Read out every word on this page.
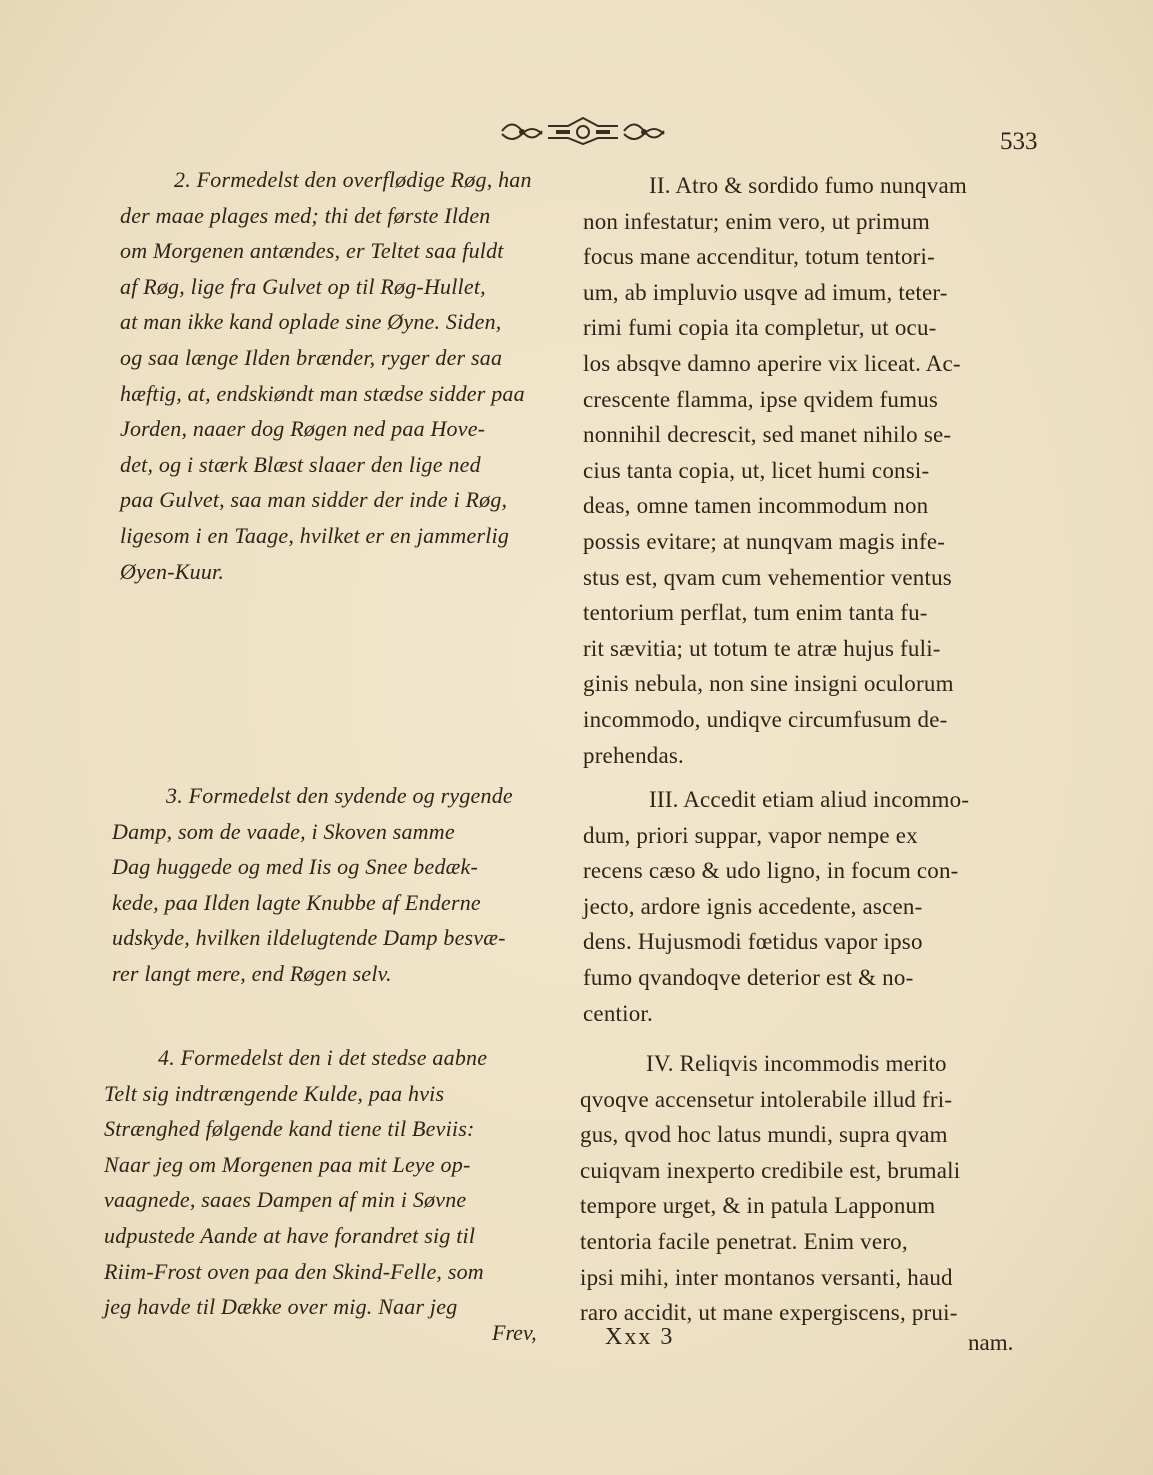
533
2. Formedelst den overflødige Røg, han
der maae plages med; thi det første Ilden
om Morgenen antændes, er Teltet saa fuldt
af Røg, lige fra Gulvet op til Røg-Hullet,
at man ikke kand oplade sine Øyne. Siden,
og saa længe Ilden brænder, ryger der saa
hæftig, at, endskiøndt man stædse sidder paa
Jorden, naaer dog Røgen ned paa Hove-
det, og i stærk Blæst slaaer den lige ned
paa Gulvet, saa man sidder der inde i Røg,
ligesom i en Taage, hvilket er en jammerlig
Øyen-Kuur.
3. Formedelst den sydende og rygende
Damp, som de vaade, i Skoven samme
Dag huggede og med Iis og Snee bedæk-
kede, paa Ilden lagte Knubbe af Enderne
udskyde, hvilken ildelugtende Damp besvæ-
rer langt mere, end Røgen selv.
4. Formedelst den i det stedse aabne
Telt sig indtrængende Kulde, paa hvis
Strænghed følgende kand tiene til Beviis:
Naar jeg om Morgenen paa mit Leye op-
vaagnede, saaes Dampen af min i Søvne
udpustede Aande at have forandret sig til
Riim-Frost oven paa den Skind-Felle, som
jeg havde til Dække over mig. Naar jeg
II. Atro & sordido fumo nunqvam
non infestatur; enim vero, ut primum
focus mane accenditur, totum tentori-
um, ab impluvio usqve ad imum, teter-
rimi fumi copia ita completur, ut ocu-
los absqve damno aperire vix liceat. Ac-
crescente flamma, ipse qvidem fumus
nonnihil decrescit, sed manet nihilo se-
cius tanta copia, ut, licet humi consi-
deas, omne tamen incommodum non
possis evitare; at nunqvam magis infe-
stus est, qvam cum vehementior ventus
tentorium perflat, tum enim tanta fu-
rit sævitia; ut totum te atræ hujus fuli-
ginis nebula, non sine insigni oculorum
incommodo, undiqve circumfusum de-
prehendas.
III. Accedit etiam aliud incommo-
dum, priori suppar, vapor nempe ex
recens cæso & udo ligno, in focum con-
jecto, ardore ignis accedente, ascen-
dens. Hujusmodi fœtidus vapor ipso
fumo qvandoqve deterior est & no-
centior.
IV. Reliqvis incommodis merito
qvoqve accensetur intolerabile illud fri-
gus, qvod hoc latus mundi, supra qvam
cuiqvam inexperto credibile est, brumali
tempore urget, & in patula Lapponum
tentoria facile penetrat. Enim vero,
ipsi mihi, inter montanos versanti, haud
raro accidit, ut mane expergiscens, prui-
Frev,	Xxx 3	nam.
